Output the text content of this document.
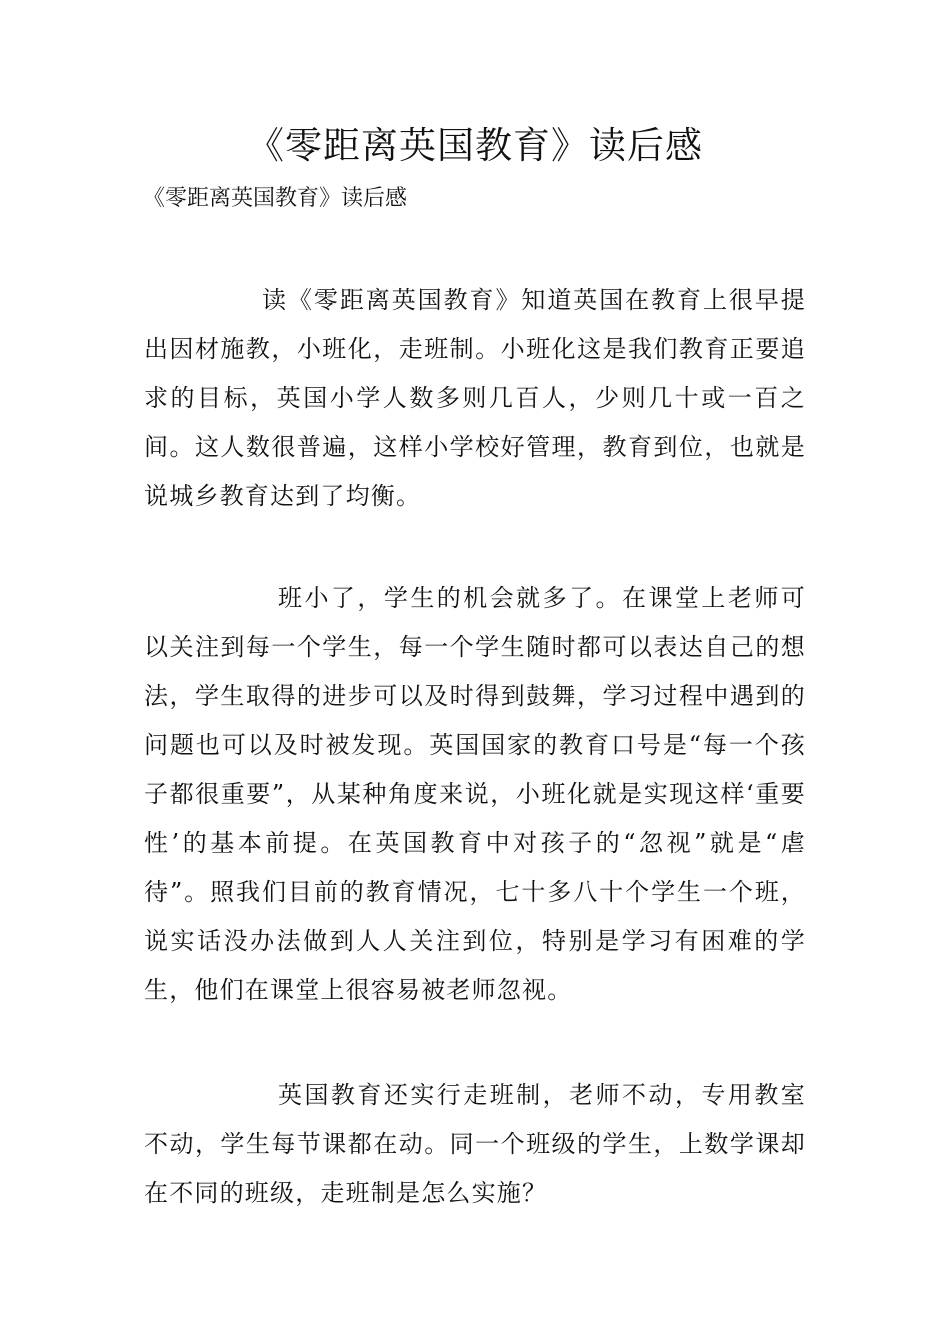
《零距离英国教育》读后感

《零距离英国教育》读后感

读《零距离英国教育》知道英国在教育上很早提出因材施教，小班化，走班制。小班化这是我们教育正要追求的目标，英国小学人数多则几百人，少则几十或一百之间。这人数很普遍，这样小学校好管理，教育到位，也就是说城乡教育达到了均衡。

班小了，学生的机会就多了。在课堂上老师可以关注到每一个学生，每一个学生随时都可以表达自己的想法，学生取得的进步可以及时得到鼓舞，学习过程中遇到的问题也可以及时被发现。英国国家的教育口号是“每一个孩子都很重要”，从某种角度来说，小班化就是实现这样‘重要性’的基本前提。在英国教育中对孩子的“忽视”就是“虐待”。照我们目前的教育情况，七十多八十个学生一个班，说实话没办法做到人人关注到位，特别是学习有困难的学生，他们在课堂上很容易被老师忽视。

英国教育还实行走班制，老师不动，专用教室不动，学生每节课都在动。同一个班级的学生，上数学课却在不同的班级，走班制是怎么实施？
